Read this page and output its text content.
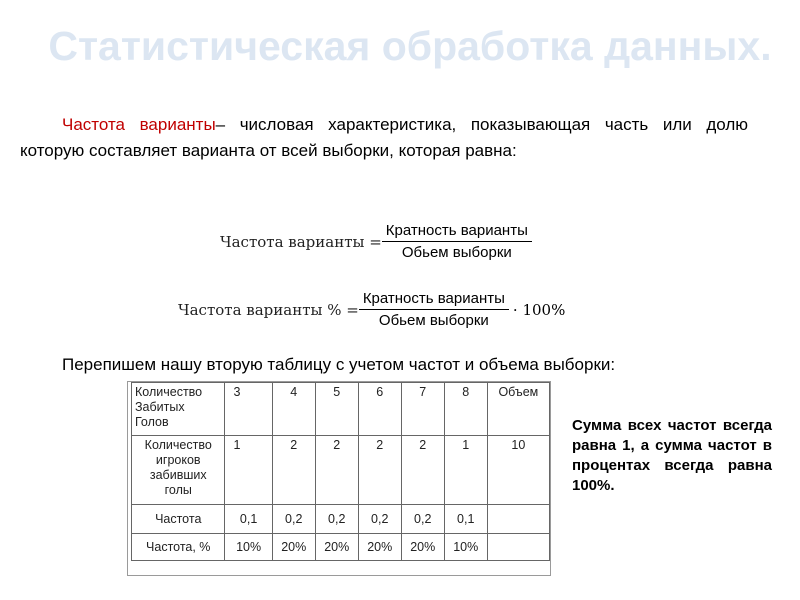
Статистическая обработка данных.

Частота варианты– числовая характеристика, показывающая часть или долю которую составляет варианта от всей выборки, которая равна:

Частота варианты = $\frac{\text{Кратность варианты}}{\text{Обьем выборки}}$
Частота варианты % = $\frac{\text{Кратность варианты}}{\text{Обьем выборки}} \cdot 100\%$

Перепишем нашу вторую таблицу с учетом частот и объема выборки:

Количество Забитых Голов	3	4	5	6	7	8	Объем
Количество игроков забивших голы	1	2	2	2	2	1	10
Частота	0,1	0,2	0,2	0,2	0,2	0,1	
Частота, %	10%	20%	20%	20%	20%	10%	
Сумма всех частот всегда равна 1, а сумма частот в процентах всегда равна 100%.
